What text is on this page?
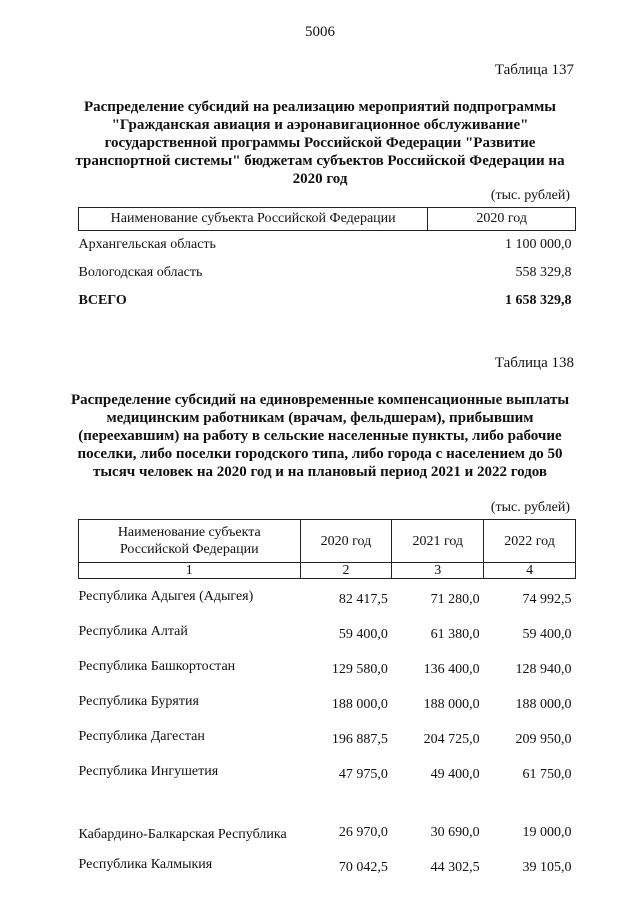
5006
Таблица 137
Распределение субсидий на реализацию мероприятий подпрограммы "Гражданская авиация и аэронавигационное обслуживание" государственной программы Российской Федерации "Развитие транспортной системы" бюджетам субъектов Российской Федерации на 2020 год
(тыс. рублей)
Наименование субъекта Российской Федерации	2020 год
Архангельская область	1 100 000,0
Вологодская область	558 329,8
ВСЕГО	1 658 329,8
Таблица 138
Распределение субсидий на единовременные компенсационные выплаты медицинским работникам (врачам, фельдшерам), прибывшим (переехавшим) на работу в сельские населенные пункты, либо рабочие поселки, либо поселки городского типа, либо города с населением до 50 тысяч человек на 2020 год и на плановый период 2021 и 2022 годов
(тыс. рублей)
Наименование субъекта Российской Федерации	2020 год	2021 год	2022 год
1	2	3	4
Республика Адыгея (Адыгея)	82 417,5	71 280,0	74 992,5
Республика Алтай	59 400,0	61 380,0	59 400,0
Республика Башкортостан	129 580,0	136 400,0	128 940,0
Республика Бурятия	188 000,0	188 000,0	188 000,0
Республика Дагестан	196 887,5	204 725,0	209 950,0
Республика Ингушетия	47 975,0	49 400,0	61 750,0
Кабардино-Балкарская Республика	26 970,0	30 690,0	19 000,0
Республика Калмыкия	70 042,5	44 302,5	39 105,0
